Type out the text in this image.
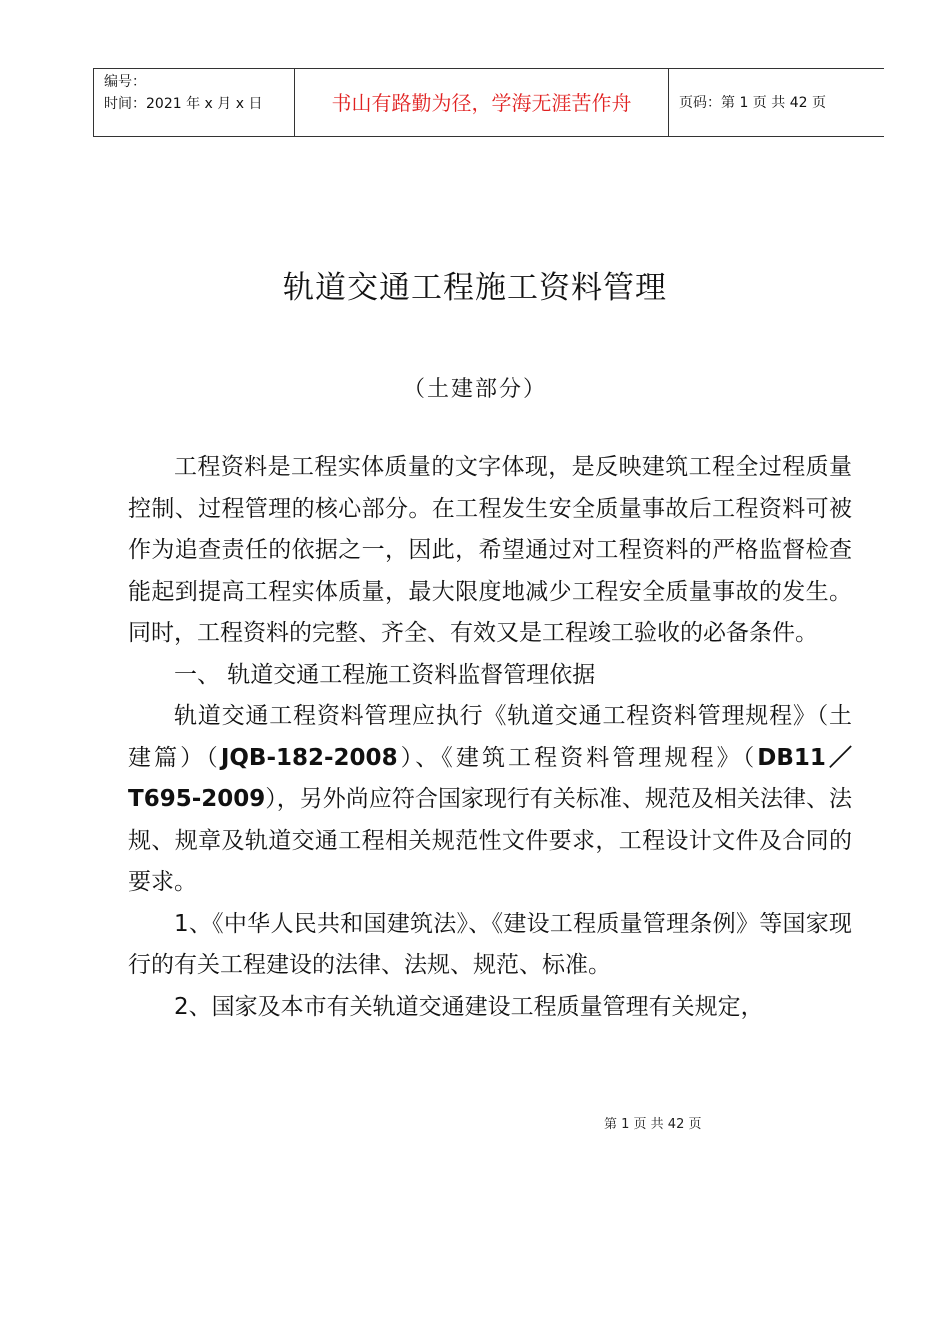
编号：
时间：2021 年 x 月 x 日	书山有路勤为径，学海无涯苦作舟	页码：第 1 页 共 42 页
轨道交通工程施工资料管理
（土建部分）

工程资料是工程实体质量的文字体现，是反映建筑工程全过程质量控制、过程管理的核心部分。在工程发生安全质量事故后工程资料可被作为追查责任的依据之一，因此，希望通过对工程资料的严格监督检查能起到提高工程实体质量，最大限度地减少工程安全质量事故的发生。同时，工程资料的完整、齐全、有效又是工程竣工验收的必备条件。

一、 轨道交通工程施工资料监督管理依据

轨道交通工程资料管理应执行《轨道交通工程资料管理规程》（土建篇）（JQB-182-2008）、《建筑工程资料管理规程》（DB11／T695-2009），另外尚应符合国家现行有关标准、规范及相关法律、法规、规章及轨道交通工程相关规范性文件要求，工程设计文件及合同的要求。

1、《中华人民共和国建筑法》、《建设工程质量管理条例》等国家现行的有关工程建设的法律、法规、规范、标准。

2、国家及本市有关轨道交通建设工程质量管理有关规定，

第 1 页 共 42 页
